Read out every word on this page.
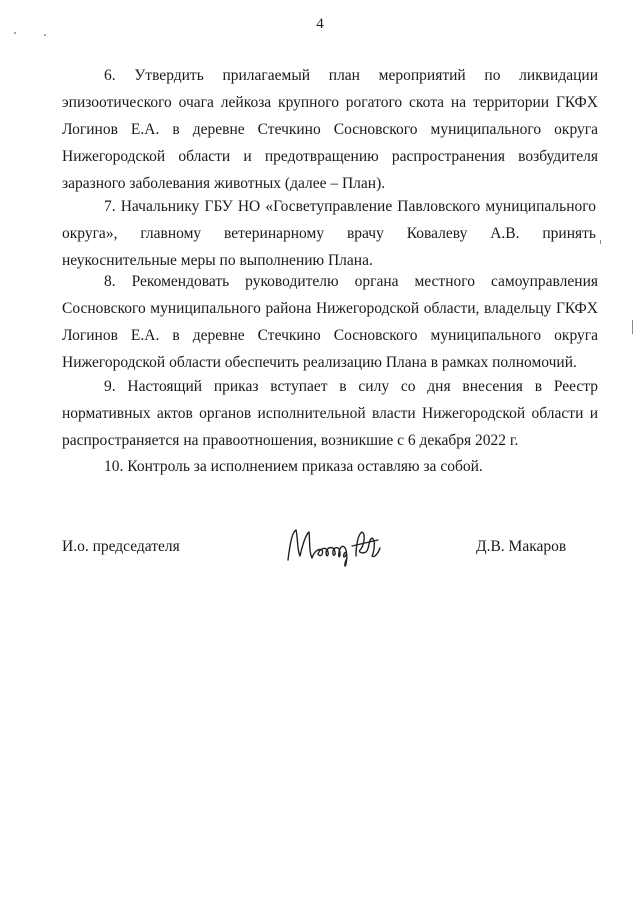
4

6. Утвердить прилагаемый план мероприятий по ликвидации эпизоотического очага лейкоза крупного рогатого скота на территории ГКФХ Логинов Е.А. в деревне Стечкино Сосновского муниципального округа Нижегородской области и предотвращению распространения возбудителя заразного заболевания животных (далее – План).

7. Начальнику ГБУ НО «Госветуправление Павловского муниципального округа», главному ветеринарному врачу Ковалеву А.В. принять неукоснительные меры по выполнению Плана.

8. Рекомендовать руководителю органа местного самоуправления Сосновского муниципального района Нижегородской области, владельцу ГКФХ Логинов Е.А. в деревне Стечкино Сосновского муниципального округа Нижегородской области обеспечить реализацию Плана в рамках полномочий.

9. Настоящий приказ вступает в силу со дня внесения в Реестр нормативных актов органов исполнительной власти Нижегородской области и распространяется на правоотношения, возникшие с 6 декабря 2022 г.

10. Контроль за исполнением приказа оставляю за собой.

И.о. председателя	Д.В. Макаров
